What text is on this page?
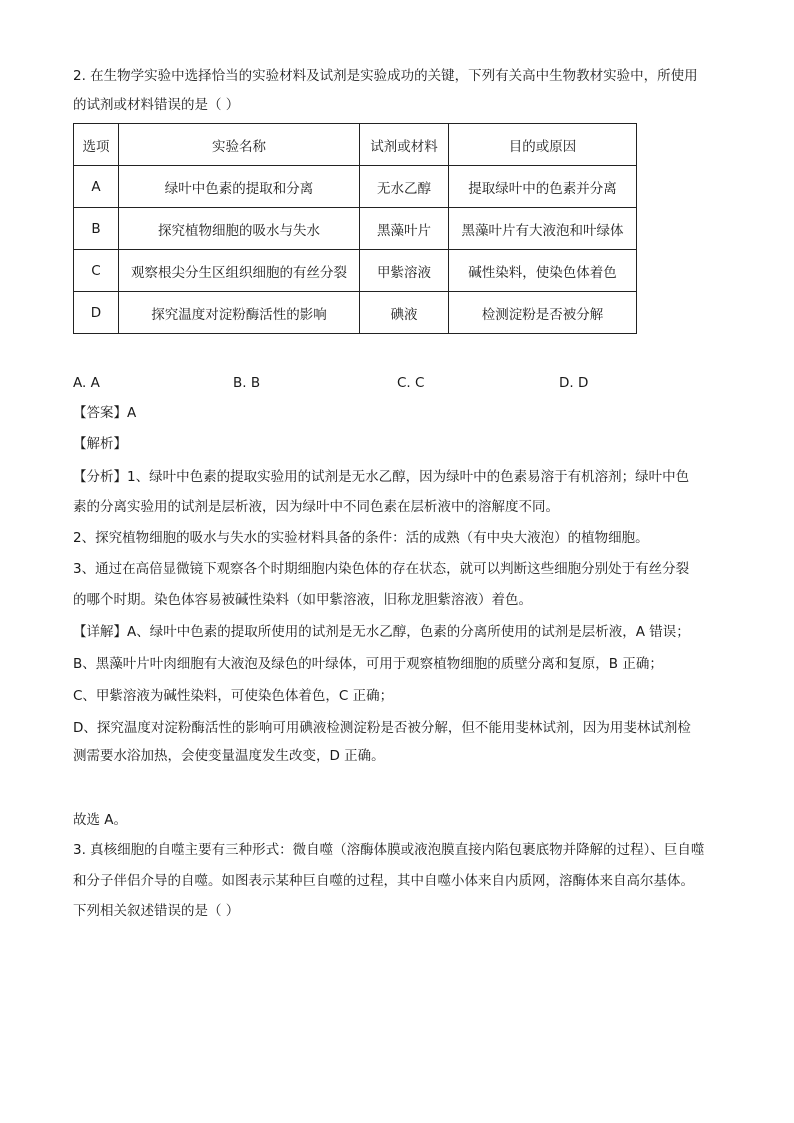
2. 在生物学实验中选择恰当的实验材料及试剂是实验成功的关键，下列有关高中生物教材实验中，所使用
的试剂或材料错误的是（ ）
选项	实验名称	试剂或材料	目的或原因
A	绿叶中色素的提取和分离	无水乙醇	提取绿叶中的色素并分离
B	探究植物细胞的吸水与失水	黑藻叶片	黑藻叶片有大液泡和叶绿体
C	观察根尖分生区组织细胞的有丝分裂	甲紫溶液	碱性染料，使染色体着色
D	探究温度对淀粉酶活性的影响	碘液	检测淀粉是否被分解
A. A	B. B	C. C	D. D
【答案】A
【解析】
【分析】1、绿叶中色素的提取实验用的试剂是无水乙醇，因为绿叶中的色素易溶于有机溶剂；绿叶中色
素的分离实验用的试剂是层析液，因为绿叶中不同色素在层析液中的溶解度不同。
2、探究植物细胞的吸水与失水的实验材料具备的条件：活的成熟（有中央大液泡）的植物细胞。
3、通过在高倍显微镜下观察各个时期细胞内染色体的存在状态，就可以判断这些细胞分别处于有丝分裂
的哪个时期。染色体容易被碱性染料（如甲紫溶液，旧称龙胆紫溶液）着色。
【详解】A、绿叶中色素的提取所使用的试剂是无水乙醇，色素的分离所使用的试剂是层析液，A 错误；
B、黑藻叶片叶肉细胞有大液泡及绿色的叶绿体，可用于观察植物细胞的质壁分离和复原，B 正确；
C、甲紫溶液为碱性染料，可使染色体着色，C 正确；
D、探究温度对淀粉酶活性的影响可用碘液检测淀粉是否被分解，但不能用斐林试剂，因为用斐林试剂检
测需要水浴加热，会使变量温度发生改变，D 正确。
故选 A。
3. 真核细胞的自噬主要有三种形式：微自噬（溶酶体膜或液泡膜直接内陷包裹底物并降解的过程）、巨自噬
和分子伴侣介导的自噬。如图表示某种巨自噬的过程，其中自噬小体来自内质网，溶酶体来自高尔基体。
下列相关叙述错误的是（ ）
